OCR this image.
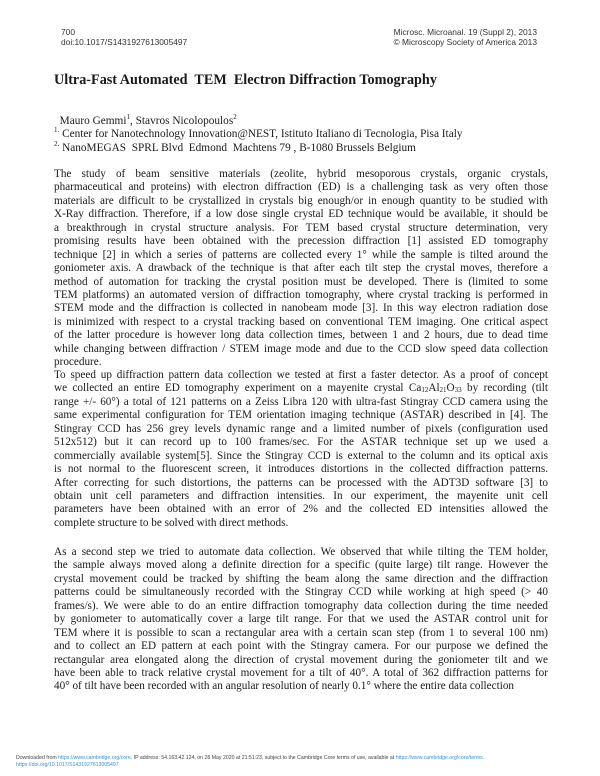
700
doi:10.1017/S1431927613005497
Microsc. Microanal. 19 (Suppl 2), 2013
© Microscopy Society of America 2013
Ultra-Fast Automated  TEM  Electron Diffraction Tomography

Mauro Gemmi$^1$, Stavros Nicolopoulos$^2$

$^{1.}$ Center for Nanotechnology Innovation@NEST, Istituto Italiano di Tecnologia, Pisa Italy
$^{2.}$ NanoMEGAS  SPRL Blvd  Edmond  Machtens 79 , B-1080 Brussels Belgium
The study of beam sensitive materials (zeolite, hybrid mesoporous crystals, organic crystals,
pharmaceutical and proteins) with electron diffraction (ED) is a challenging task as very often those
materials are difficult to be crystallized in crystals big enough/or in enough quantity to be studied with
X-Ray diffraction. Therefore, if a low dose single crystal ED technique would be available, it should be
a breakthrough in crystal structure analysis. For TEM based crystal structure determination, very
promising results have been obtained with the precession diffraction [1] assisted ED tomography
technique [2] in which a series of patterns are collected every 1° while the sample is tilted around the
goniometer axis. A drawback of the technique is that after each tilt step the crystal moves, therefore a
method of automation for tracking the crystal position must be developed. There is (limited to some
TEM platforms) an automated version of diffraction tomography, where crystal tracking is performed in
STEM mode and the diffraction is collected in nanobeam mode [3]. In this way electron radiation dose
is minimized with respect to a crystal tracking based on conventional TEM imaging. One critical aspect
of the latter procedure is however long data collection times, between 1 and 2 hours, due to dead time
while changing between diffraction / STEM image mode and due to the CCD slow speed data collection
procedure.
To speed up diffraction pattern data collection we tested at first a faster detector. As a proof of concept
we collected an entire ED tomography experiment on a mayenite crystal $Ca_{12}Al_{21}O_{33}$ by recording (tilt
range +/- 60°) a total of 121 patterns on a Zeiss Libra 120 with ultra-fast Stingray CCD camera using the
same experimental configuration for TEM orientation imaging technique (ASTAR) described in [4]. The
Stingray CCD has 256 grey levels dynamic range and a limited number of pixels (configuration used
512x512) but it can record up to 100 frames/sec. For the ASTAR technique set up we used a
commercially available system[5]. Since the Stingray CCD is external to the column and its optical axis
is not normal to the fluorescent screen, it introduces distortions in the collected diffraction patterns.
After correcting for such distortions, the patterns can be processed with the ADT3D software [3] to
obtain unit cell parameters and diffraction intensities. In our experiment, the mayenite unit cell
parameters have been obtained with an error of 2% and the collected ED intensities allowed the
complete structure to be solved with direct methods.
As a second step we tried to automate data collection. We observed that while tilting the TEM holder,
the sample always moved along a definite direction for a specific (quite large) tilt range. However the
crystal movement could be tracked by shifting the beam along the same direction and the diffraction
patterns could be simultaneously recorded with the Stingray CCD while working at high speed (> 40
frames/s). We were able to do an entire diffraction tomography data collection during the time needed
by goniometer to automatically cover a large tilt range. For that we used the ASTAR control unit for
TEM where it is possible to scan a rectangular area with a certain scan step (from 1 to several 100 nm)
and to collect an ED pattern at each point with the Stingray camera. For our purpose we defined the
rectangular area elongated along the direction of crystal movement during the goniometer tilt and we
have been able to track relative crystal movement for a tilt of 40°. A total of 362 diffraction patterns for
40° of tilt have been recorded with an angular resolution of nearly 0.1° where the entire data collection
Downloaded from https://www.cambridge.org/core. IP address: 54.163.42.124, on 28 May 2020 at 21:51:23, subject to the Cambridge Core terms of use, available at https://www.cambridge.org/core/terms.
https://doi.org/10.1017/S1431927613005497
